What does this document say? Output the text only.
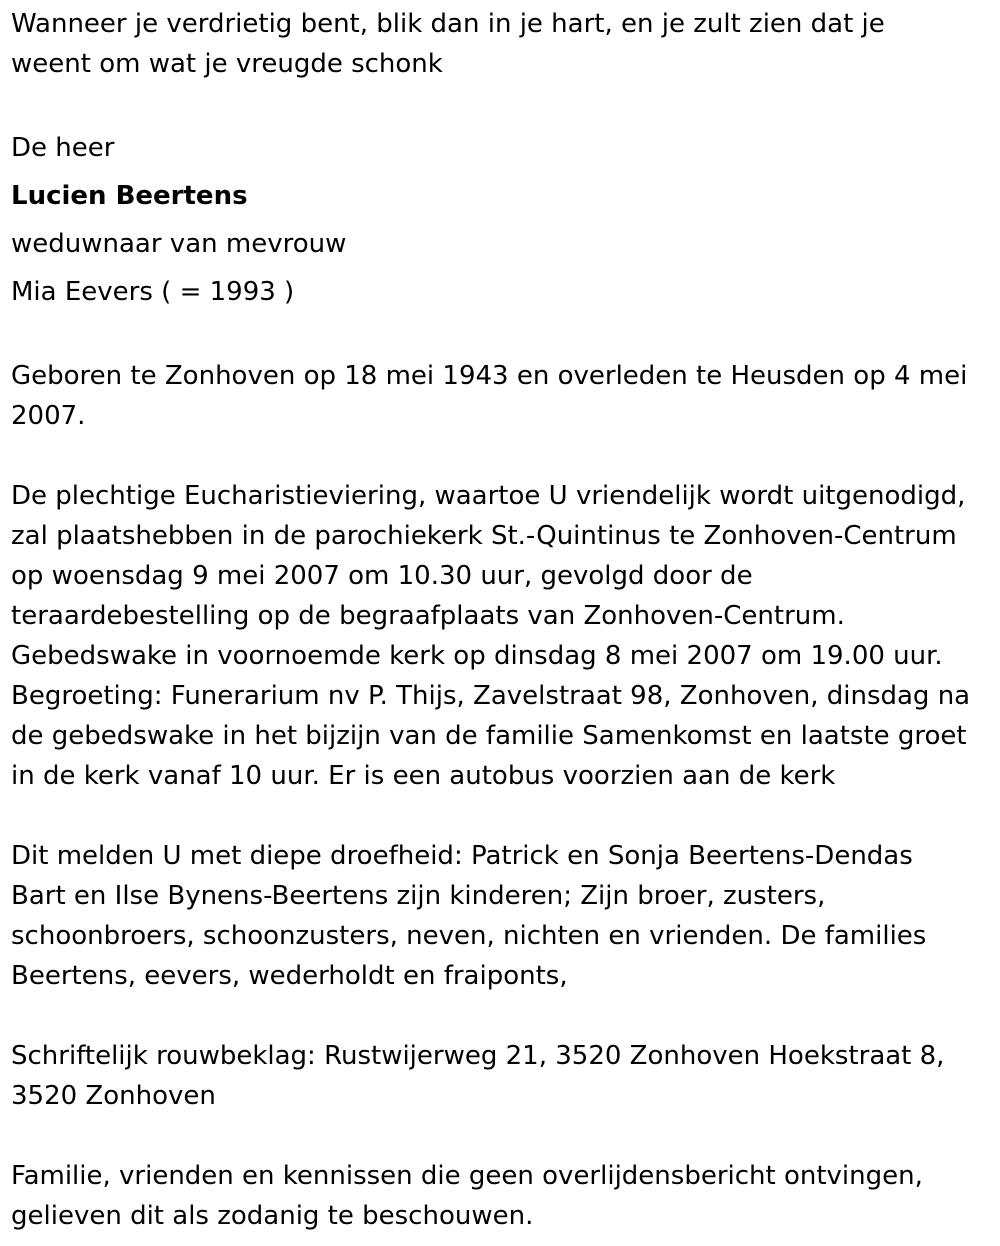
Wanneer je verdrietig bent, blik dan in je hart, en je zult zien dat je
weent om wat je vreugde schonk
De heer
Lucien Beertens
weduwnaar van mevrouw
Mia Eevers ( = 1993 )
Geboren te Zonhoven op 18 mei 1943 en overleden te Heusden op 4 mei
2007.
De plechtige Eucharistieviering, waartoe U vriendelijk wordt uitgenodigd,
zal plaatshebben in de parochiekerk St.-Quintinus te Zonhoven-Centrum
op woensdag 9 mei 2007 om 10.30 uur, gevolgd door de
teraardebestelling op de begraafplaats van Zonhoven-Centrum.
Gebedswake in voornoemde kerk op dinsdag 8 mei 2007 om 19.00 uur.
Begroeting: Funerarium nv P. Thijs, Zavelstraat 98, Zonhoven, dinsdag na
de gebedswake in het bijzijn van de familie Samenkomst en laatste groet
in de kerk vanaf 10 uur. Er is een autobus voorzien aan de kerk
Dit melden U met diepe droefheid: Patrick en Sonja Beertens-Dendas
Bart en Ilse Bynens-Beertens zijn kinderen; Zijn broer, zusters,
schoonbroers, schoonzusters, neven, nichten en vrienden. De families
Beertens, eevers, wederholdt en fraiponts,
Schriftelijk rouwbeklag: Rustwijerweg 21, 3520 Zonhoven Hoekstraat 8,
3520 Zonhoven
Familie, vrienden en kennissen die geen overlijdensbericht ontvingen,
gelieven dit als zodanig te beschouwen.
